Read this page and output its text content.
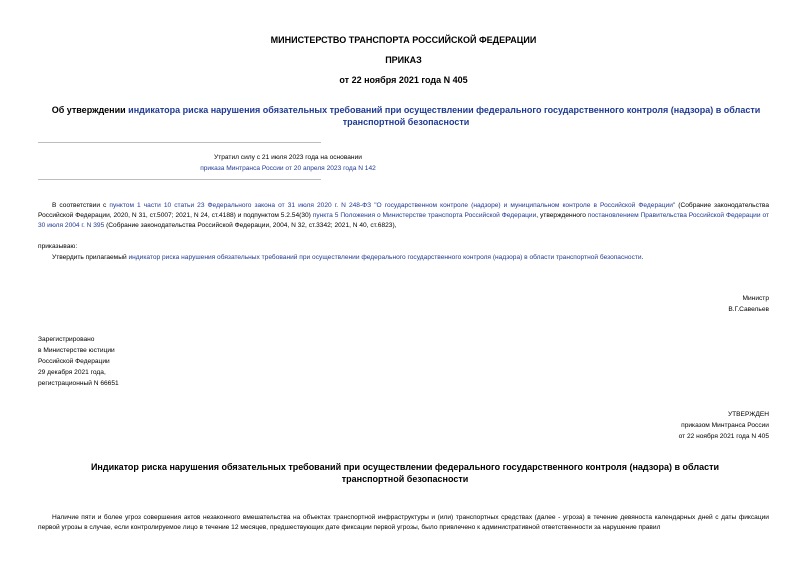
МИНИСТЕРСТВО ТРАНСПОРТА РОССИЙСКОЙ ФЕДЕРАЦИИ
ПРИКАЗ
от 22 ноября 2021 года N 405
Об утверждении индикатора риска нарушения обязательных требований при осуществлении федерального государственного контроля (надзора) в области транспортной безопасности
Утратил силу с 21 июля 2023 года на основании
приказа Минтранса России от 20 апреля 2023 года N 142
В соответствии с пунктом 1 части 10 статьи 23 Федерального закона от 31 июля 2020 г. N 248-ФЗ "О государственном контроле (надзоре) и муниципальном контроле в Российской Федерации" (Собрание законодательства Российской Федерации, 2020, N 31, ст.5007; 2021, N 24, ст.4188) и подпунктом 5.2.54(30) пункта 5 Положения о Министерстве транспорта Российской Федерации, утвержденного постановлением Правительства Российской Федерации от 30 июля 2004 г. N 395 (Собрание законодательства Российской Федерации, 2004, N 32, ст.3342; 2021, N 40, ст.6823),
приказываю:
Утвердить прилагаемый индикатор риска нарушения обязательных требований при осуществлении федерального государственного контроля (надзора) в области транспортной безопасности.
Министр
В.Г.Савельев
Зарегистрировано
в Министерстве юстиции
Российской Федерации
29 декабря 2021 года,
регистрационный N 66651
УТВЕРЖДЕН
приказом Минтранса России
от 22 ноября 2021 года N 405
Индикатор риска нарушения обязательных требований при осуществлении федерального государственного контроля (надзора) в области транспортной безопасности
Наличие пяти и более угроз совершения актов незаконного вмешательства на объектах транспортной инфраструктуры и (или) транспортных средствах (далее - угроза) в течение девяноста календарных дней с даты фиксации первой угрозы в случае, если контролируемое лицо в течение 12 месяцев, предшествующих дате фиксации первой угрозы, было привлечено к административной ответственности за нарушение правил
